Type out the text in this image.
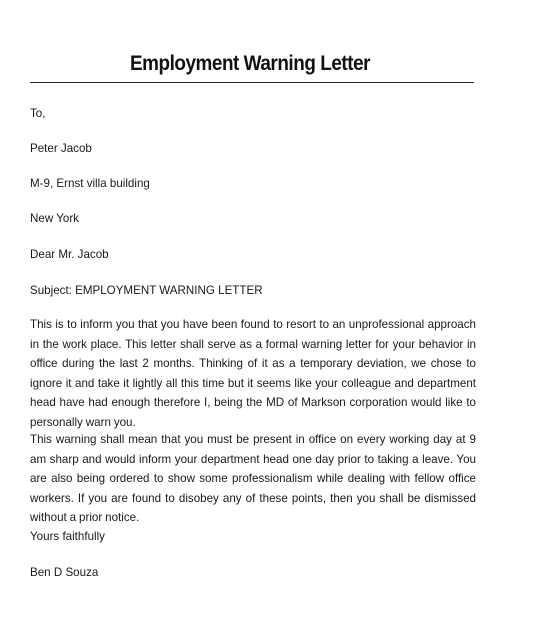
Employment Warning Letter
To,
Peter Jacob
M-9, Ernst villa building
New York
Dear Mr. Jacob
Subject: EMPLOYMENT WARNING LETTER
This is to inform you that you have been found to resort to an unprofessional approach in the work place. This letter shall serve as a formal warning letter for your behavior in office during the last 2 months. Thinking of it as a temporary deviation, we chose to ignore it and take it lightly all this time but it seems like your colleague and department head have had enough therefore I, being the MD of Markson corporation would like to personally warn you.
This warning shall mean that you must be present in office on every working day at 9 am sharp and would inform your department head one day prior to taking a leave. You are also being ordered to show some professionalism while dealing with fellow office workers. If you are found to disobey any of these points, then you shall be dismissed without a prior notice.
Yours faithfully
Ben D Souza
